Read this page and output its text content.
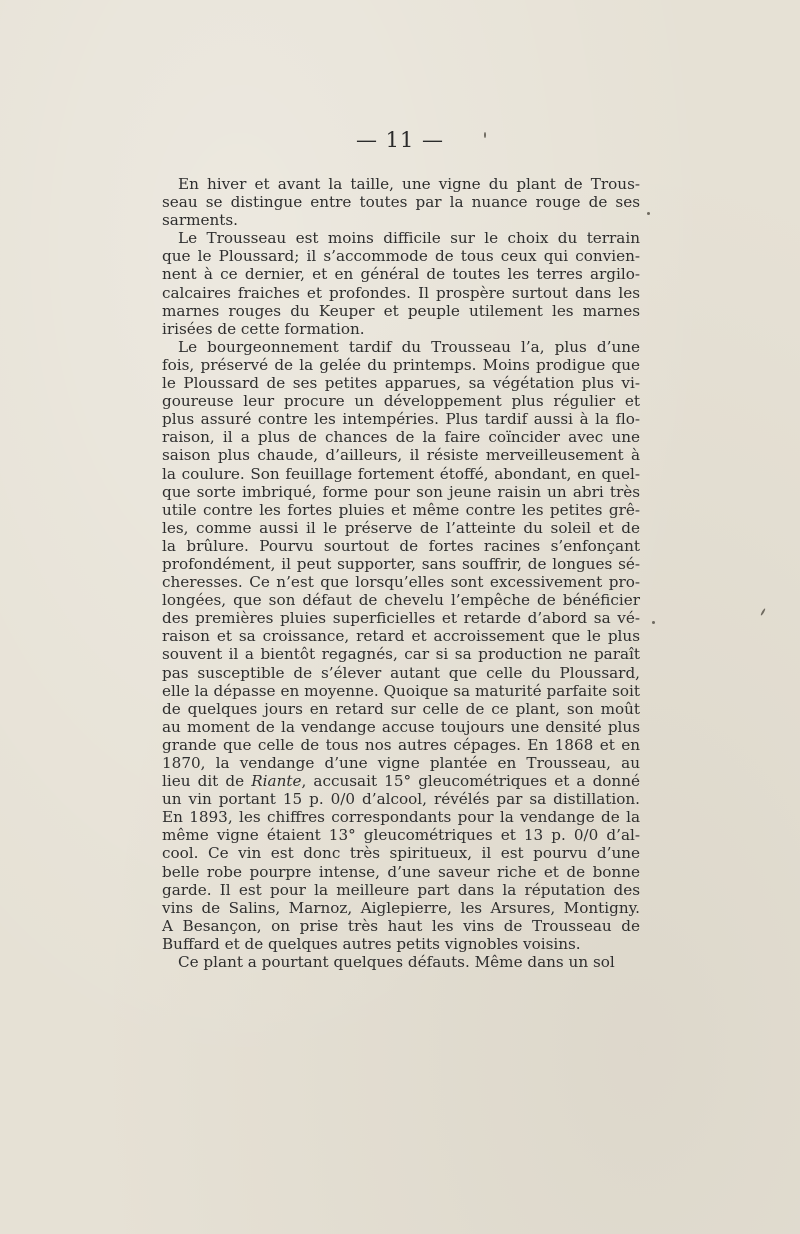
— 11 —
En hiver et avant la taille, une vigne du plant de Trous-
seau se distingue entre toutes par la nuance rouge de ses
sarments.
Le Trousseau est moins difficile sur le choix du terrain
que le Ploussard; il s’accommode de tous ceux qui convien-
nent à ce dernier, et en général de toutes les terres argilo-
calcaires fraiches et profondes. Il prospère surtout dans les
marnes rouges du Keuper et peuple utilement les marnes
irisées de cette formation.
Le bourgeonnement tardif du Trousseau l’a, plus d’une
fois, préservé de la gelée du printemps. Moins prodigue que
le Ploussard de ses petites apparues, sa végétation plus vi-
goureuse leur procure un développement plus régulier et
plus assuré contre les intempéries. Plus tardif aussi à la flo-
raison, il a plus de chances de la faire coïncider avec une
saison plus chaude, d’ailleurs, il résiste merveilleusement à
la coulure. Son feuillage fortement étoffé, abondant, en quel-
que sorte imbriqué, forme pour son jeune raisin un abri très
utile contre les fortes pluies et même contre les petites grê-
les, comme aussi il le préserve de l’atteinte du soleil et de
la brûlure. Pourvu sourtout de fortes racines s’enfonçant
profondément, il peut supporter, sans souffrir, de longues sé-
cheresses. Ce n’est que lorsqu’elles sont excessivement pro-
longées, que son défaut de chevelu l’empêche de bénéficier
des premières pluies superficielles et retarde d’abord sa vé-
raison et sa croissance, retard et accroissement que le plus
souvent il a bientôt regagnés, car si sa production ne paraît
pas susceptible de s’élever autant que celle du Ploussard,
elle la dépasse en moyenne. Quoique sa maturité parfaite soit
de quelques jours en retard sur celle de ce plant, son moût
au moment de la vendange accuse toujours une densité plus
grande que celle de tous nos autres cépages. En 1868 et en
1870, la vendange d’une vigne plantée en Trousseau, au
lieu dit de Riante, accusait 15° gleucométriques et a donné
un vin portant 15 p. 0/0 d’alcool, révélés par sa distillation.
En 1893, les chiffres correspondants pour la vendange de la
même vigne étaient 13° gleucométriques et 13 p. 0/0 d’al-
cool. Ce vin est donc très spiritueux, il est pourvu d’une
belle robe pourpre intense, d’une saveur riche et de bonne
garde. Il est pour la meilleure part dans la réputation des
vins de Salins, Marnoz, Aiglepierre, les Arsures, Montigny.
A Besançon, on prise très haut les vins de Trousseau de
Buffard et de quelques autres petits vignobles voisins.
Ce plant a pourtant quelques défauts. Même dans un sol
